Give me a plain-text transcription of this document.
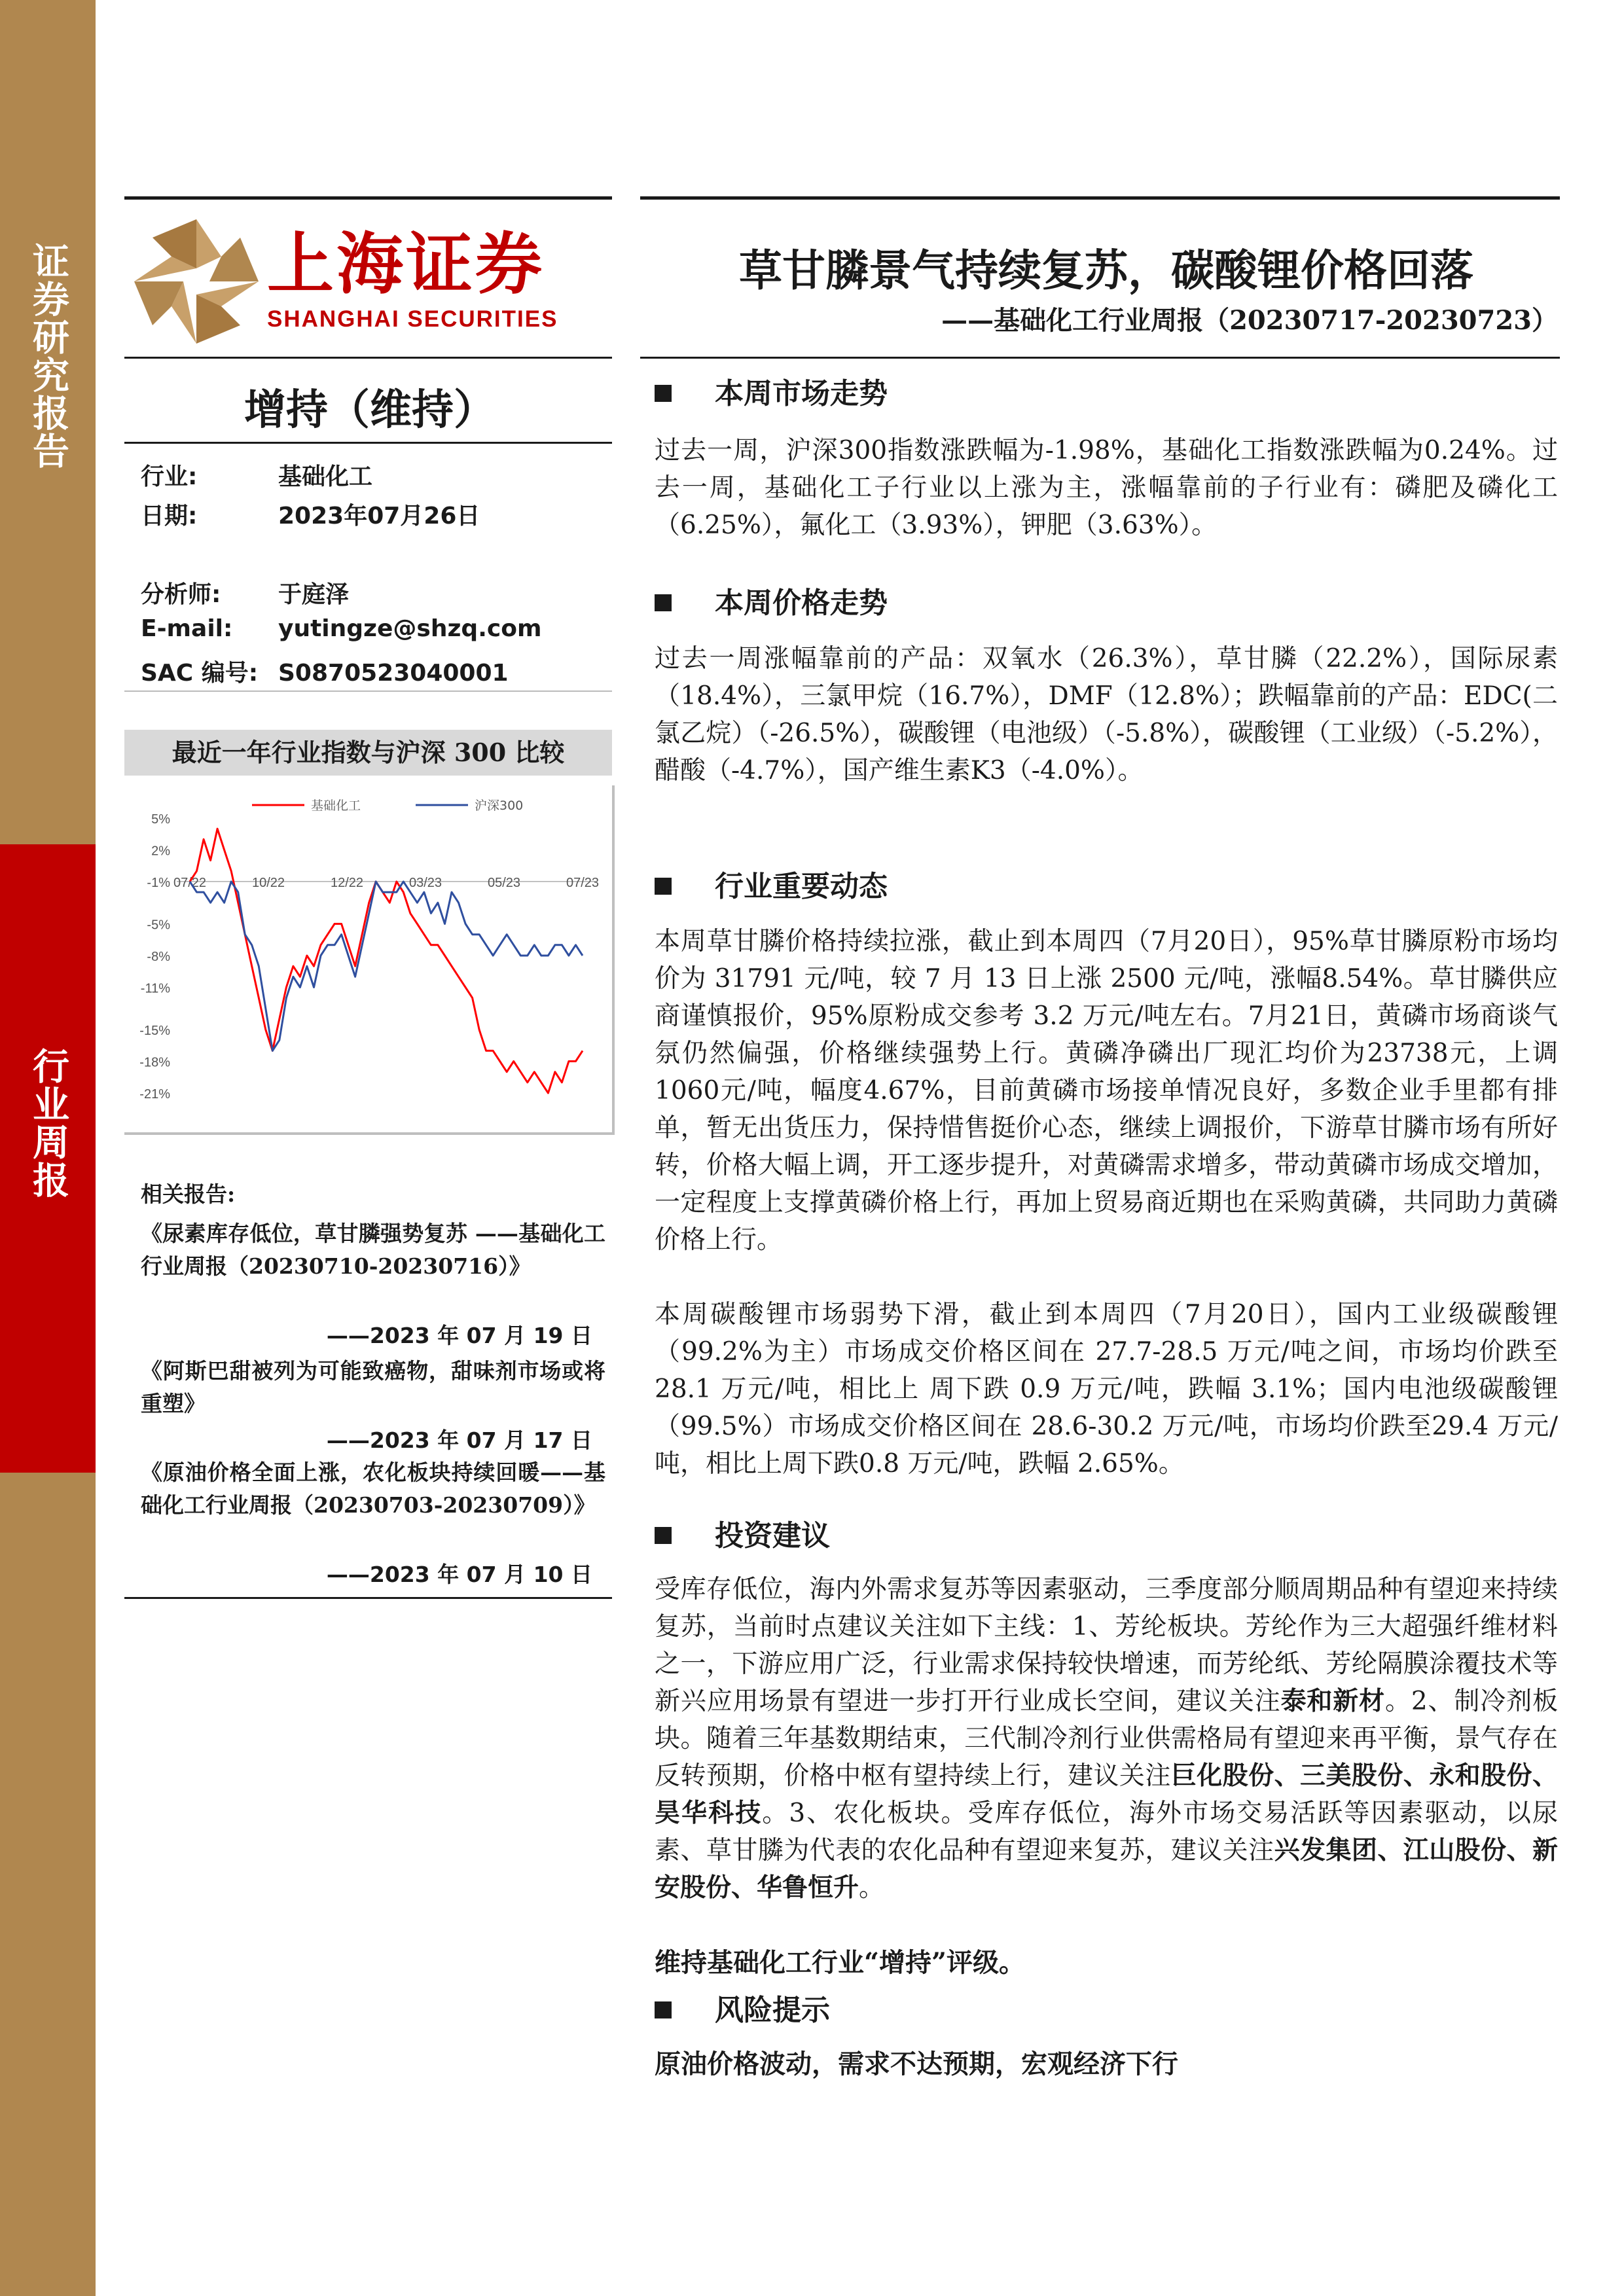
证券研究报告
行业周报
上海证券
SHANGHAI SECURITIES
草甘膦景气持续复苏，碳酸锂价格回落
——基础化工行业周报（20230717-20230723）
增持（维持）
行业:	基础化工
日期:	2023年07月26日
分析师: 于庭泽
E-mail: yutingze@shzq.com
SAC 编号: S0870523040001
最近一年行业指数与沪深 300 比较
5%
2%
-1%
-5%
-8%
-11%
-15%
-18%
-21%
07/22	10/22	12/22	03/23	05/23	07/23
基础化工	沪深300
相关报告:
《尿素库存低位，草甘膦强势复苏 ——基础化工行业周报（20230710-20230716）》
——2023 年 07 月 19 日
《阿斯巴甜被列为可能致癌物，甜味剂市场或将重塑》
——2023 年 07 月 17 日
《原油价格全面上涨，农化板块持续回暖——基础化工行业周报（20230703-20230709）》
——2023 年 07 月 10 日
本周市场走势
过去一周，沪深300指数涨跌幅为-1.98%，基础化工指数涨跌幅为0.24%。过去一周，基础化工子行业以上涨为主，涨幅靠前的子行业有：磷肥及磷化工（6.25%），氟化工（3.93%），钾肥（3.63%）。
本周价格走势
过去一周涨幅靠前的产品：双氧水（26.3%），草甘膦（22.2%），国际尿素（18.4%），三氯甲烷（16.7%），DMF（12.8%）；跌幅靠前的产品：EDC(二氯乙烷）（-26.5%），碳酸锂（电池级）（-5.8%），碳酸锂（工业级）（-5.2%），醋酸（-4.7%），国产维生素K3（-4.0%）。
行业重要动态
本周草甘膦价格持续拉涨，截止到本周四（7月20日），95%草甘膦原粉市场均价为 31791 元/吨，较 7 月 13 日上涨 2500 元/吨，涨幅8.54%。草甘膦供应商谨慎报价，95%原粉成交参考 3.2 万元/吨左右。7月21日，黄磷市场商谈气氛仍然偏强，价格继续强势上行。黄磷净磷出厂现汇均价为23738元，上调1060元/吨，幅度4.67%，目前黄磷市场接单情况良好，多数企业手里都有排单，暂无出货压力，保持惜售挺价心态，继续上调报价，下游草甘膦市场有所好转，价格大幅上调，开工逐步提升，对黄磷需求增多，带动黄磷市场成交增加，一定程度上支撑黄磷价格上行，再加上贸易商近期也在采购黄磷，共同助力黄磷价格上行。
本周碳酸锂市场弱势下滑，截止到本周四（7月20日），国内工业级碳酸锂（99.2%为主）市场成交价格区间在 27.7-28.5 万元/吨之间，市场均价跌至 28.1 万元/吨，相比上 周下跌 0.9 万元/吨，跌幅 3.1%；国内电池级碳酸锂（99.5%）市场成交价格区间在 28.6-30.2 万元/吨，市场均价跌至29.4 万元/吨，相比上周下跌0.8 万元/吨，跌幅 2.65%。
投资建议
受库存低位，海内外需求复苏等因素驱动，三季度部分顺周期品种有望迎来持续复苏，当前时点建议关注如下主线：1、芳纶板块。芳纶作为三大超强纤维材料之一，下游应用广泛，行业需求保持较快增速，而芳纶纸、芳纶隔膜涂覆技术等新兴应用场景有望进一步打开行业成长空间，建议关注泰和新材。2、制冷剂板块。随着三年基数期结束，三代制冷剂行业供需格局有望迎来再平衡，景气存在反转预期，价格中枢有望持续上行，建议关注巨化股份、三美股份、永和股份、昊华科技。3、农化板块。受库存低位，海外市场交易活跃等因素驱动，以尿素、草甘膦为代表的农化品种有望迎来复苏，建议关注兴发集团、江山股份、新安股份、华鲁恒升。
维持基础化工行业“增持”评级。
风险提示
原油价格波动，需求不达预期，宏观经济下行
